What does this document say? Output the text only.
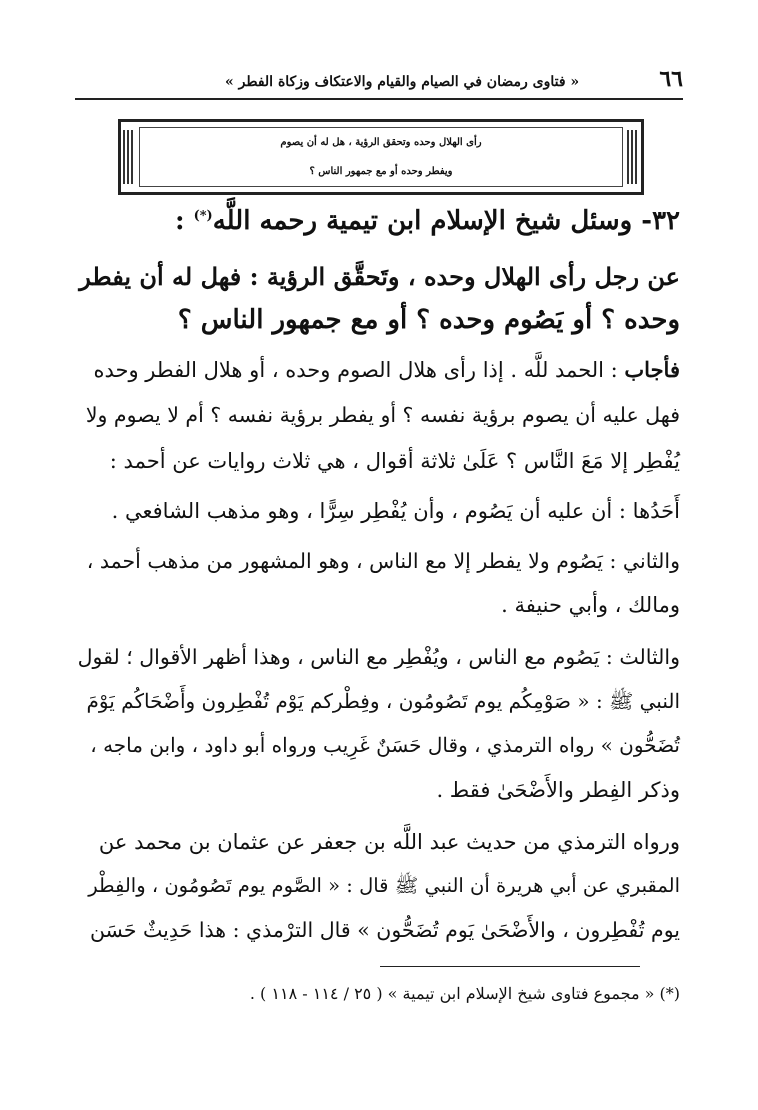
٦٦
« فتاوى رمضان في الصيام والقيام والاعتكاف وزكاة الفطر »
رأى الهلال وحده وتحقق الرؤية ، هل له أن يصوم
ويفطر وحده أو مع جمهور الناس ؟
٣٢- وسئل شيخ الإسلام ابن تيمية رحمه اللَّه(*) :
عن رجل رأى الهلال وحده ، وتَحقَّق الرؤية : فهل له أن يفطر
وحده ؟ أو يَصُوم وحده ؟ أو مع جمهور الناس ؟
فأجاب : الحمد للَّه . إذا رأى هلال الصوم وحده ، أو هلال الفطر وحده
فهل عليه أن يصوم برؤية نفسه ؟ أو يفطر برؤية نفسه ؟ أم لا يصوم ولا
يُفْطِر إلا مَعَ النَّاس ؟ عَلَىٰ ثلاثة أقوال ، هي ثلاث روايات عن أحمد :
أَحَدُها : أن عليه أن يَصُوم ، وأن يُفْطِر سِرًّا ، وهو مذهب الشافعي .
والثاني : يَصُوم ولا يفطر إلا مع الناس ، وهو المشهور من مذهب أحمد ،
ومالك ، وأبي حنيفة .
والثالث : يَصُوم مع الناس ، ويُفْطِر مع الناس ، وهذا أظهر الأقوال ؛ لقول
النبي ﷺ : « صَوْمِكُم يوم تَصُومُون ، وفِطْركم يَوْم تُفْطِرون وأَضْحَاكُم يَوْمَ
تُضَحُّون » رواه الترمذي ، وقال حَسَنٌ غَرِيب ورواه أبو داود ، وابن ماجه ،
وذكر الفِطر والأَضْحَىٰ فقط .
ورواه الترمذي من حديث عبد اللَّه بن جعفر عن عثمان بن محمد عن
المقبري عن أبي هريرة أن النبي ﷺ قال : « الصَّوم يوم تَصُومُون ، والفِطْر
يوم تُفْطِرون ، والأَضْحَىٰ يَوم تُضَحُّون » قال الترْمذي : هذا حَدِيثٌ حَسَن
(*) « مجموع فتاوى شيخ الإسلام ابن تيمية » ( ٢٥ / ١١٤ - ١١٨ ) .
